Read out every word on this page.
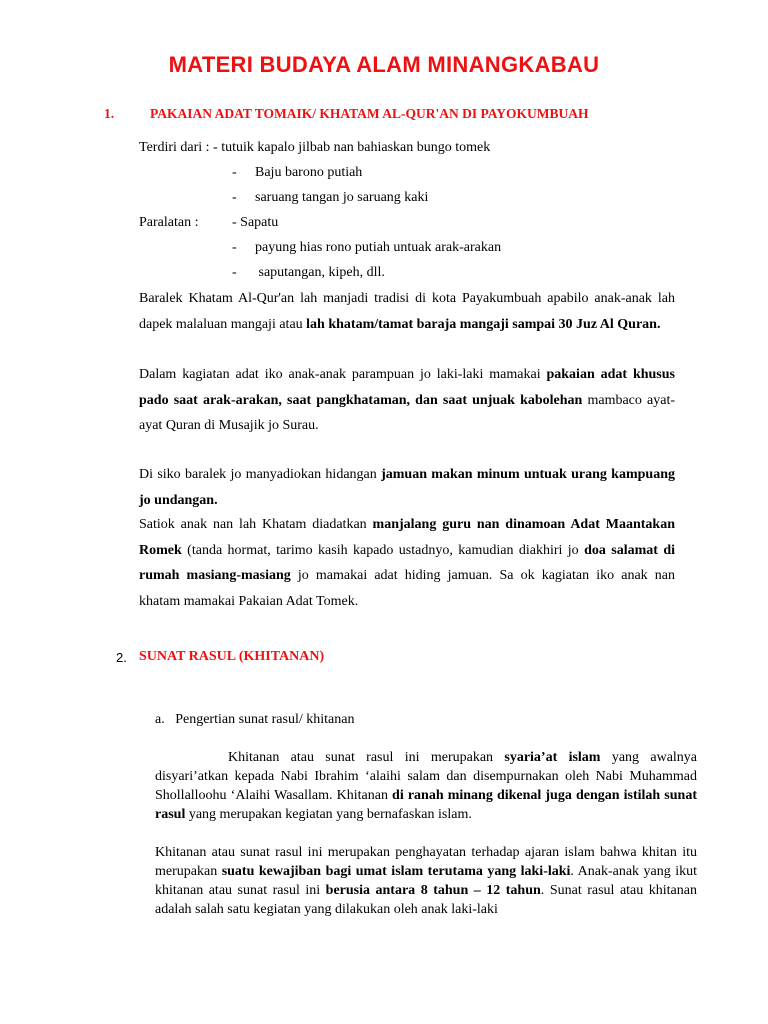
MATERI BUDAYA ALAM MINANGKABAU
1.	PAKAIAN ADAT TOMAIK/ KHATAM AL-QUR'AN DI PAYOKUMBUAH
Terdiri dari : - tutuik kapalo jilbab nan bahiaskan bungo tomek
- Baju barono putiah
- saruang tangan jo saruang kaki
Paralatan : - Sapatu
- payung hias rono putiah untuak arak-arakan
- saputangan, kipeh, dll.
Baralek Khatam Al-Qur'an lah manjadi tradisi di kota Payakumbuah apabilo anak-anak lah dapek malaluan mangaji atau lah khatam/tamat baraja mangaji sampai 30 Juz Al Quran.
Dalam kagiatan adat iko anak-anak parampuan jo laki-laki mamakai pakaian adat khusus pado saat arak-arakan, saat pangkhataman, dan saat unjuak kabolehan mambaco ayat-ayat Quran di Musajik jo Surau.
Di siko baralek jo manyadiokan hidangan jamuan makan minum untuak urang kampuang jo undangan.
Satiok anak nan lah Khatam diadatkan manjalang guru nan dinamoan Adat Maantakan Romek (tanda hormat, tarimo kasih kapado ustadnyo, kamudian diakhiri jo doa salamat di rumah masiang-masiang jo mamakai adat hiding jamuan. Sa ok kagiatan iko anak nan khatam mamakai Pakaian Adat Tomek.
2. SUNAT RASUL (KHITANAN)
a.   Pengertian sunat rasul/ khitanan
Khitanan atau sunat rasul ini merupakan syaria’at islam yang awalnya disyari’atkan kepada Nabi Ibrahim ‘alaihi salam dan disempurnakan oleh Nabi Muhammad Shollalloohu ‘Alaihi Wasallam. Khitanan di ranah minang dikenal juga dengan istilah sunat rasul yang merupakan kegiatan yang bernafaskan islam.
Khitanan atau sunat rasul ini merupakan penghayatan terhadap ajaran islam bahwa khitan itu merupakan suatu kewajiban bagi umat islam terutama yang laki-laki. Anak-anak yang ikut khitanan atau sunat rasul ini berusia antara 8 tahun – 12 tahun. Sunat rasul atau khitanan adalah salah satu kegiatan yang dilakukan oleh anak laki-laki
